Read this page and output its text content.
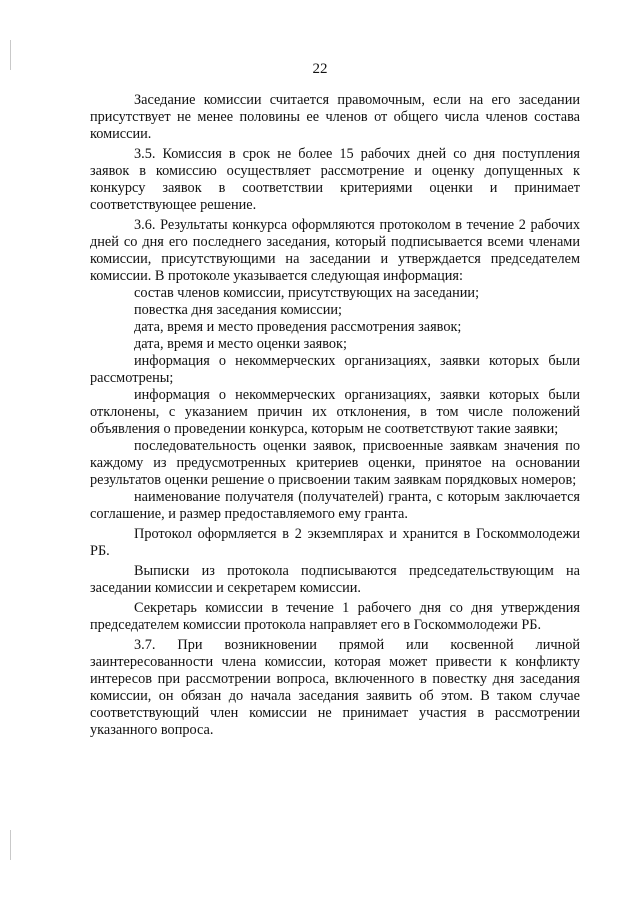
22

Заседание комиссии считается правомочным, если на его заседании присутствует не менее половины ее членов от общего числа членов состава комиссии.

3.5. Комиссия в срок не более 15 рабочих дней со дня поступления заявок в комиссию осуществляет рассмотрение и оценку допущенных к конкурсу заявок в соответствии критериями оценки и принимает соответствующее решение.

3.6. Результаты конкурса оформляются протоколом в течение 2 рабочих дней со дня его последнего заседания, который подписывается всеми членами комиссии, присутствующими на заседании и утверждается председателем комиссии. В протоколе указывается следующая информация:

состав членов комиссии, присутствующих на заседании;
повестка дня заседания комиссии;
дата, время и место проведения рассмотрения заявок;
дата, время и место оценки заявок;
информация о некоммерческих организациях, заявки которых были рассмотрены;
информация о некоммерческих организациях, заявки которых были отклонены, с указанием причин их отклонения, в том числе положений объявления о проведении конкурса, которым не соответствуют такие заявки;
последовательность оценки заявок, присвоенные заявкам значения по каждому из предусмотренных критериев оценки, принятое на основании результатов оценки решение о присвоении таким заявкам порядковых номеров;
наименование получателя (получателей) гранта, с которым заключается соглашение, и размер предоставляемого ему гранта.

Протокол оформляется в 2 экземплярах и хранится в Госкоммолодежи РБ.

Выписки из протокола подписываются председательствующим на заседании комиссии и секретарем комиссии.

Секретарь комиссии в течение 1 рабочего дня со дня утверждения председателем комиссии протокола направляет его в Госкоммолодежи РБ.

3.7. При возникновении прямой или косвенной личной заинтересованности члена комиссии, которая может привести к конфликту интересов при рассмотрении вопроса, включенного в повестку дня заседания комиссии, он обязан до начала заседания заявить об этом. В таком случае соответствующий член комиссии не принимает участия в рассмотрении указанного вопроса.
